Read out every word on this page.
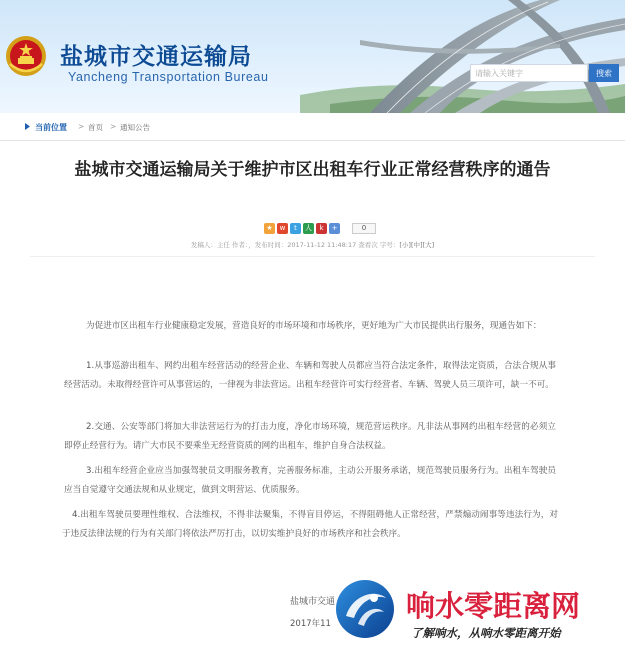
盐城市交通运输局
Yancheng Transportation Bureau
请输入关键字	搜索
当前位置 > 首页 > 通知公告
盐城市交通运输局关于维护市区出租车行业正常经营秩序的通告
★ w	t	人	k	+	0
发稿人：主任 作者：，发布时间：2017-11-12 11:48:17 查看次 字号：[小][中][大]

为促进市区出租车行业健康稳定发展，营造良好的市场环境和市场秩序，更好地为广大市民提供出行服务，现通告如下：

1.从事巡游出租车、网约出租车经营活动的经营企业、车辆和驾驶人员都应当符合法定条件，取得法定资质，合法合规从事经营活动。未取得经营许可从事营运的，一律视为非法营运。出租车经营许可实行经营者、车辆、驾驶人员三项许可，缺一不可。

2.交通、公安等部门将加大非法营运行为的打击力度，净化市场环境，规范营运秩序。凡非法从事网约出租车经营的必须立即停止经营行为。请广大市民不要乘坐无经营资质的网约出租车，维护自身合法权益。

3.出租车经营企业应当加强驾驶员文明服务教育，完善服务标准，主动公开服务承诺，规范驾驶员服务行为。出租车驾驶员应当自觉遵守交通法规和从业规定，做到文明营运、优质服务。

4.出租车驾驶员要理性维权、合法维权，不得非法聚集，不得盲目停运，不得阻碍他人正常经营，严禁煽动闹事等违法行为，对于违反法律法规的行为有关部门将依法严厉打击，以切实维护良好的市场秩序和社会秩序。

盐城市交通
2017年11
响水零距离网
了解响水，从响水零距离开始
